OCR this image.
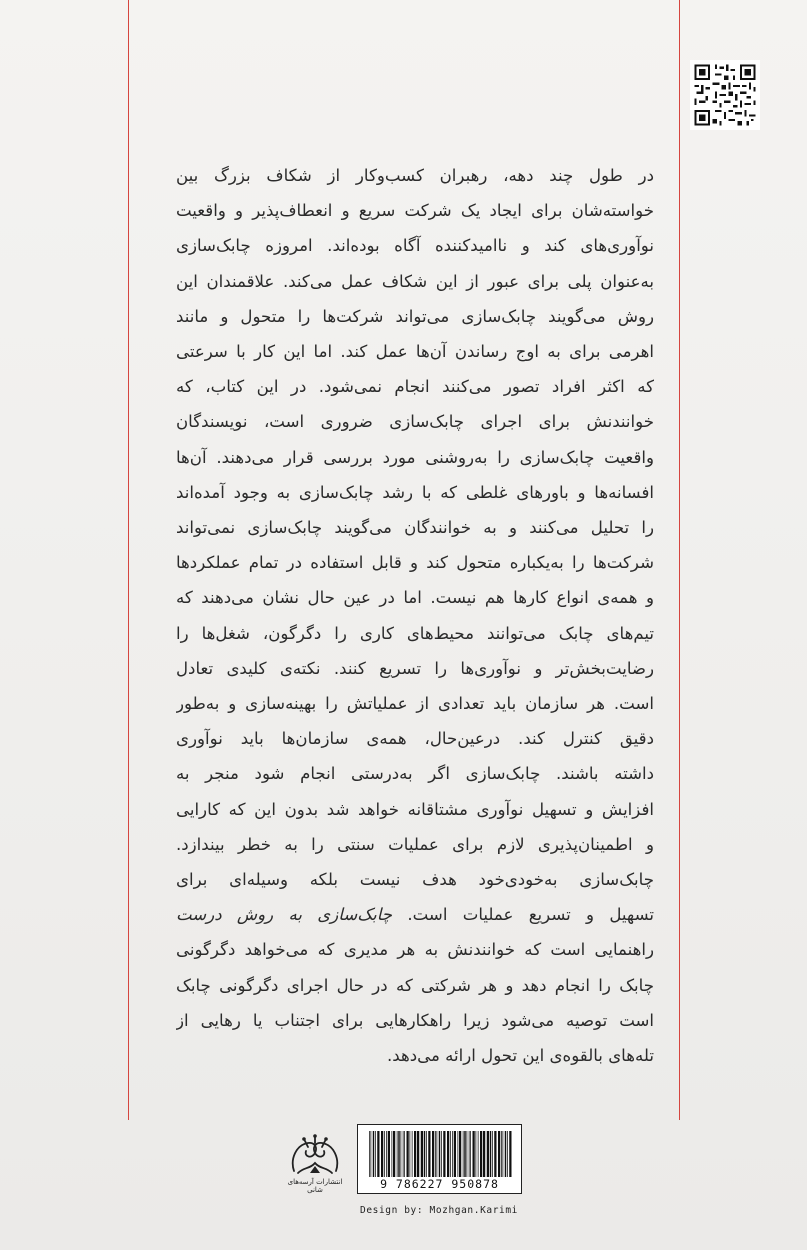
در طول چند دهه، رهبران کسب‌وکار از شکاف بزرگ بین
خواسته‌شان برای ایجاد یک شرکت سریع و انعطاف‌پذیر و واقعیت
نوآوری‌های کند و ناامیدکننده آگاه بوده‌اند. امروزه چابک‌سازی
به‌عنوان پلی برای عبور از این شکاف عمل می‌کند. علاقمندان این
روش می‌گویند چابک‌سازی می‌تواند شرکت‌ها را متحول و مانند
اهرمی برای به اوج رساندن آن‌ها عمل کند. اما این کار با سرعتی
که اکثر افراد تصور می‌کنند انجام نمی‌شود. در این کتاب، که
خوانندنش برای اجرای چابک‌سازی ضروری است، نویسندگان
واقعیت چابک‌سازی را به‌روشنی مورد بررسی قرار می‌دهند. آن‌ها
افسانه‌ها و باورهای غلطی که با رشد چابک‌سازی به وجود آمده‌اند
را تحلیل می‌کنند و به خوانندگان می‌گویند چابک‌سازی نمی‌تواند
شرکت‌ها را به‌یکباره متحول کند و قابل استفاده در تمام عملکردها
و همه‌ی انواع کارها هم نیست. اما در عین حال نشان می‌دهند که
تیم‌های چابک می‌توانند محیط‌های کاری را دگرگون، شغل‌ها را
رضایت‌بخش‌تر و نوآوری‌ها را تسریع کنند. نکته‌ی کلیدی تعادل
است. هر سازمان باید تعدادی از عملیاتش را بهینه‌سازی و به‌طور
دقیق کنترل کند. درعین‌حال، همه‌ی سازمان‌ها باید نوآوری
داشته باشند. چابک‌سازی اگر به‌درستی انجام شود منجر به
افزایش و تسهیل نوآوری مشتاقانه خواهد شد بدون این که کارایی
و اطمینان‌پذیری لازم برای عملیات سنتی را به خطر بیندازد.
چابک‌سازی به‌خودی‌خود هدف نیست بلکه وسیله‌ای برای
تسهیل و تسریع عملیات است. چابک‌سازی به روش درست
راهنمایی است که خوانندنش به هر مدیری که می‌خواهد دگرگونی
چابک را انجام دهد و هر شرکتی که در حال اجرای دگرگونی چابک
است توصیه می‌شود زیرا راهکارهایی برای اجتناب یا رهایی از
تله‌های بالقوه‌ی این تحول ارائه می‌دهد.
انتشارات آرسه‌های شانی	9 786227 950878
Design by: Mozhgan.Karimi
